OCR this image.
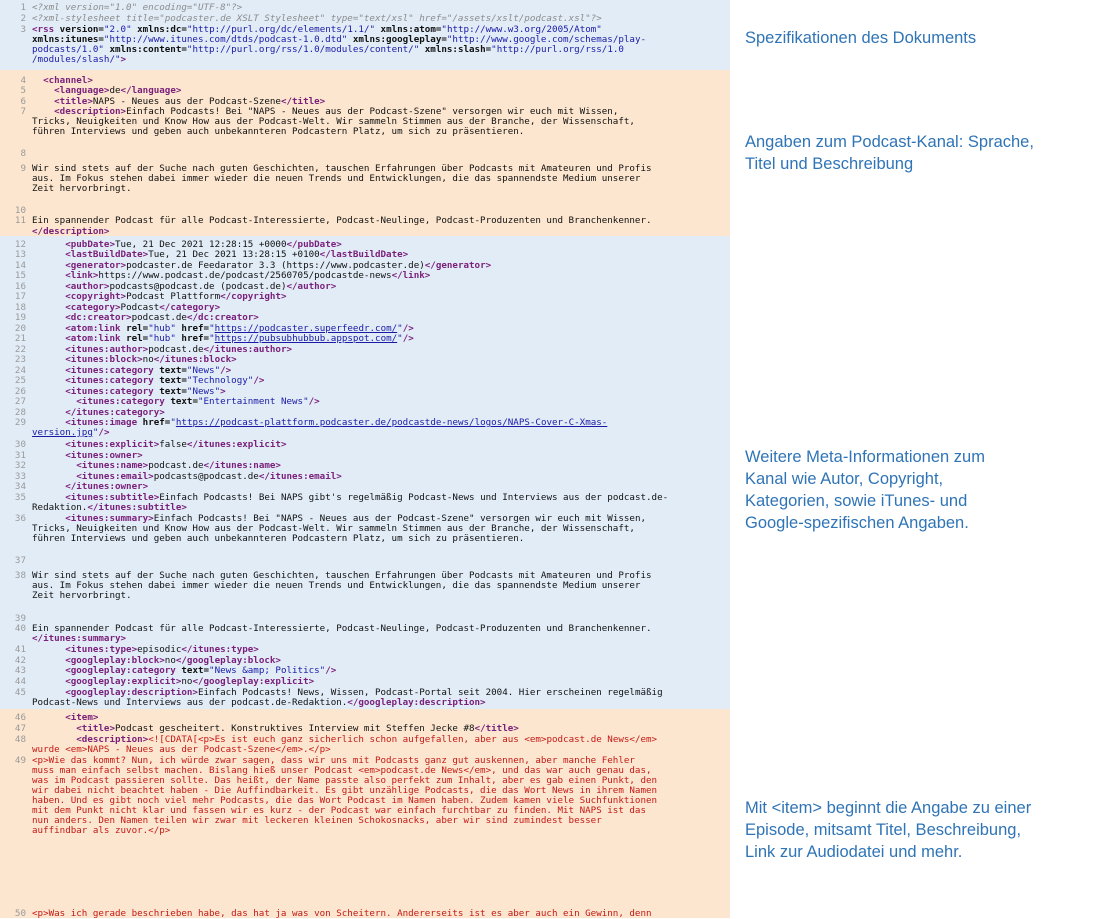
1 <?xml version="1.0" encoding="UTF-8"?>
2 <?xml-stylesheet title="podcaster.de XSLT Stylesheet" type="text/xsl" href="/assets/xslt/podcast.xsl"?>
3 <rss version="2.0" xmlns:dc="http://purl.org/dc/elements/1.1/" xmlns:atom="http://www.w3.org/2005/Atom"
xmlns:itunes="http://www.itunes.com/dtds/podcast-1.0.dtd" xmlns:googleplay="http://www.google.com/schemas/play-
podcasts/1.0" xmlns:content="http://purl.org/rss/1.0/modules/content/" xmlns:slash="http://purl.org/rss/1.0
/modules/slash/">
4	<channel>
5	<language>de</language>
6	<title>NAPS - Neues aus der Podcast-Szene</title>
7	<description>Einfach Podcasts! Bei "NAPS - Neues aus der Podcast-Szene" versorgen wir euch mit Wissen,
Tricks, Neuigkeiten und Know How aus der Podcast-Welt. Wir sammeln Stimmen aus der Branche, der Wissenschaft,
führen Interviews und geben auch unbekannteren Podcastern Platz, um sich zu präsentieren.
8
9 Wir sind stets auf der Suche nach guten Geschichten, tauschen Erfahrungen über Podcasts mit Amateuren und Profis
aus. Im Fokus stehen dabei immer wieder die neuen Trends und Entwicklungen, die das spannendste Medium unserer
Zeit hervorbringt.
10
11 Ein spannender Podcast für alle Podcast-Interessierte, Podcast-Neulinge, Podcast-Produzenten und Branchenkenner.
</description>
12	<pubDate>Tue, 21 Dec 2021 12:28:15 +0000</pubDate>
13	<lastBuildDate>Tue, 21 Dec 2021 13:28:15 +0100</lastBuildDate>
14	<generator>podcaster.de Feedarator 3.3 (https://www.podcaster.de)</generator>
15	<link>https://www.podcast.de/podcast/2560705/podcastde-news</link>
16	<author>podcasts@podcast.de (podcast.de)</author>
17	<copyright>Podcast Plattform</copyright>
18	<category>Podcast</category>
19	<dc:creator>podcast.de</dc:creator>
20	<atom:link rel="hub" href="https://podcaster.superfeedr.com/"/>
21	<atom:link rel="hub" href="https://pubsubhubbub.appspot.com/"/>
22	<itunes:author>podcast.de</itunes:author>
23	<itunes:block>no</itunes:block>
24	<itunes:category text="News"/>
25	<itunes:category text="Technology"/>
26	<itunes:category text="News">
27	<itunes:category text="Entertainment News"/>
28	</itunes:category>
29	<itunes:image href="https://podcast-plattform.podcaster.de/podcastde-news/logos/NAPS-Cover-C-Xmas-
version.jpg"/>
30	<itunes:explicit>false</itunes:explicit>
31	<itunes:owner>
32	<itunes:name>podcast.de</itunes:name>
33	<itunes:email>podcasts@podcast.de</itunes:email>
34	</itunes:owner>
35	<itunes:subtitle>Einfach Podcasts! Bei NAPS gibt's regelmäßig Podcast-News und Interviews aus der podcast.de-
Redaktion.</itunes:subtitle>
36	<itunes:summary>Einfach Podcasts! Bei "NAPS - Neues aus der Podcast-Szene" versorgen wir euch mit Wissen,
Tricks, Neuigkeiten und Know How aus der Podcast-Welt. Wir sammeln Stimmen aus der Branche, der Wissenschaft,
führen Interviews und geben auch unbekannteren Podcastern Platz, um sich zu präsentieren.
37
38 Wir sind stets auf der Suche nach guten Geschichten, tauschen Erfahrungen über Podcasts mit Amateuren und Profis
aus. Im Fokus stehen dabei immer wieder die neuen Trends und Entwicklungen, die das spannendste Medium unserer
Zeit hervorbringt.
39
40 Ein spannender Podcast für alle Podcast-Interessierte, Podcast-Neulinge, Podcast-Produzenten und Branchenkenner.
</itunes:summary>
41	<itunes:type>episodic</itunes:type>
42	<googleplay:block>no</googleplay:block>
43	<googleplay:category text="News &amp; Politics"/>
44	<googleplay:explicit>no</googleplay:explicit>
45	<googleplay:description>Einfach Podcasts! News, Wissen, Podcast-Portal seit 2004. Hier erscheinen regelmäßig
Podcast-News und Interviews aus der podcast.de-Redaktion.</googleplay:description>
46	<item>
47	<title>Podcast gescheitert. Konstruktives Interview mit Steffen Jecke #8</title>
48	<description><![CDATA[<p>Es ist euch ganz sicherlich schon aufgefallen, aber aus <em>podcast.de News</em>
wurde <em>NAPS - Neues aus der Podcast-Szene</em>.</p>
49 <p>Wie das kommt? Nun, ich würde zwar sagen, dass wir uns mit Podcasts ganz gut auskennen, aber manche Fehler
muss man einfach selbst machen. Bislang hieß unser Podcast <em>podcast.de News</em>, und das war auch genau das,
was im Podcast passieren sollte. Das heißt, der Name passte also perfekt zum Inhalt, aber es gab einen Punkt, den
wir dabei nicht beachtet haben - Die Auffindbarkeit. Es gibt unzählige Podcasts, die das Wort News in ihrem Namen
haben. Und es gibt noch viel mehr Podcasts, die das Wort Podcast im Namen haben. Zudem kamen viele Suchfunktionen
mit dem Punkt nicht klar und fassen wir es kurz - der Podcast war einfach furchtbar zu finden. Mit NAPS ist das
nun anders. Den Namen teilen wir zwar mit leckeren kleinen Schokosnacks, aber wir sind zumindest besser
auffindbar als zuvor.</p>
50 <p>Was ich gerade beschrieben habe, das hat ja was von Scheitern. Andererseits ist es aber auch ein Gewinn, denn
Spezifikationen des Dokuments
Angaben zum Podcast-Kanal: Sprache, Titel und Beschreibung
Weitere Meta-Informationen zum Kanal wie Autor, Copyright, Kategorien, sowie iTunes- und Google-spezifischen Angaben.
Mit <item> beginnt die Angabe zu einer Episode, mitsamt Titel, Beschreibung, Link zur Audiodatei und mehr.
